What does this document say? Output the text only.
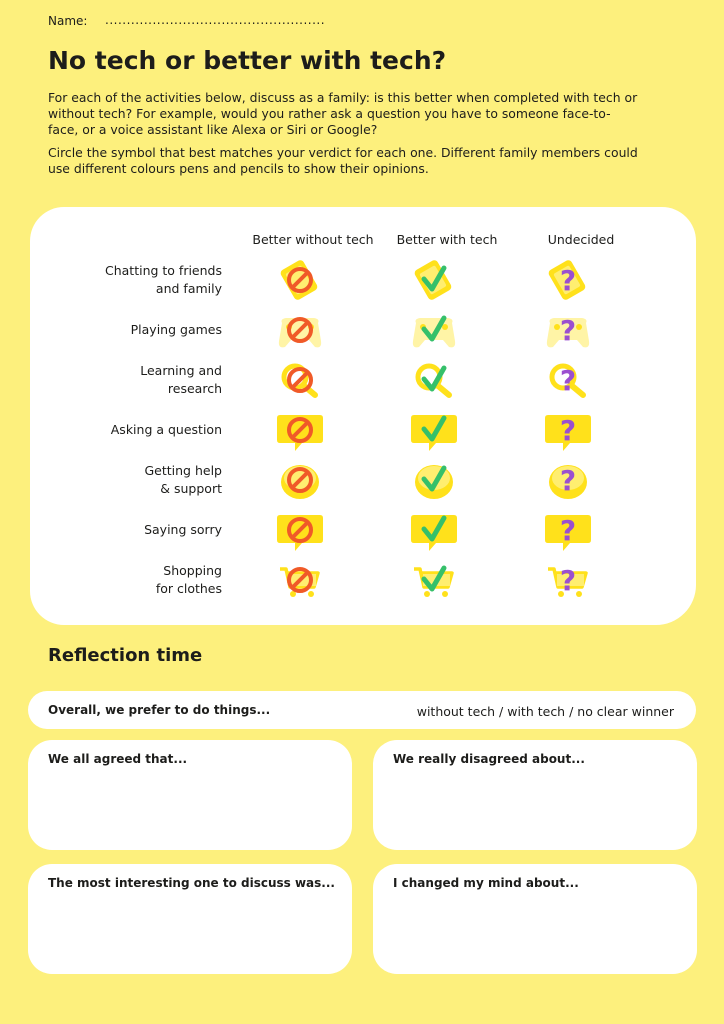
Name: ...................................................
No tech or better with tech?

For each of the activities below, discuss as a family: is this better when completed with tech or without tech? For example, would you rather ask a question you have to someone face-to-face, or a voice assistant like Alexa or Siri or Google?

Circle the symbol that best matches your verdict for each one. Different family members could use different colours pens and pencils to show their opinions.

Better without tech	Better with tech	Undecided
Chatting to friends
and family	?
Playing games	?
Learning and
research	?
Asking a question	?
Getting help
& support	?
Saying sorry	?
Shopping
for clothes	?
Reflection time
Overall, we prefer to do things...	without tech / with tech / no clear winner
We all agreed that...	We really disagreed about...
The most interesting one to discuss was...	I changed my mind about...
